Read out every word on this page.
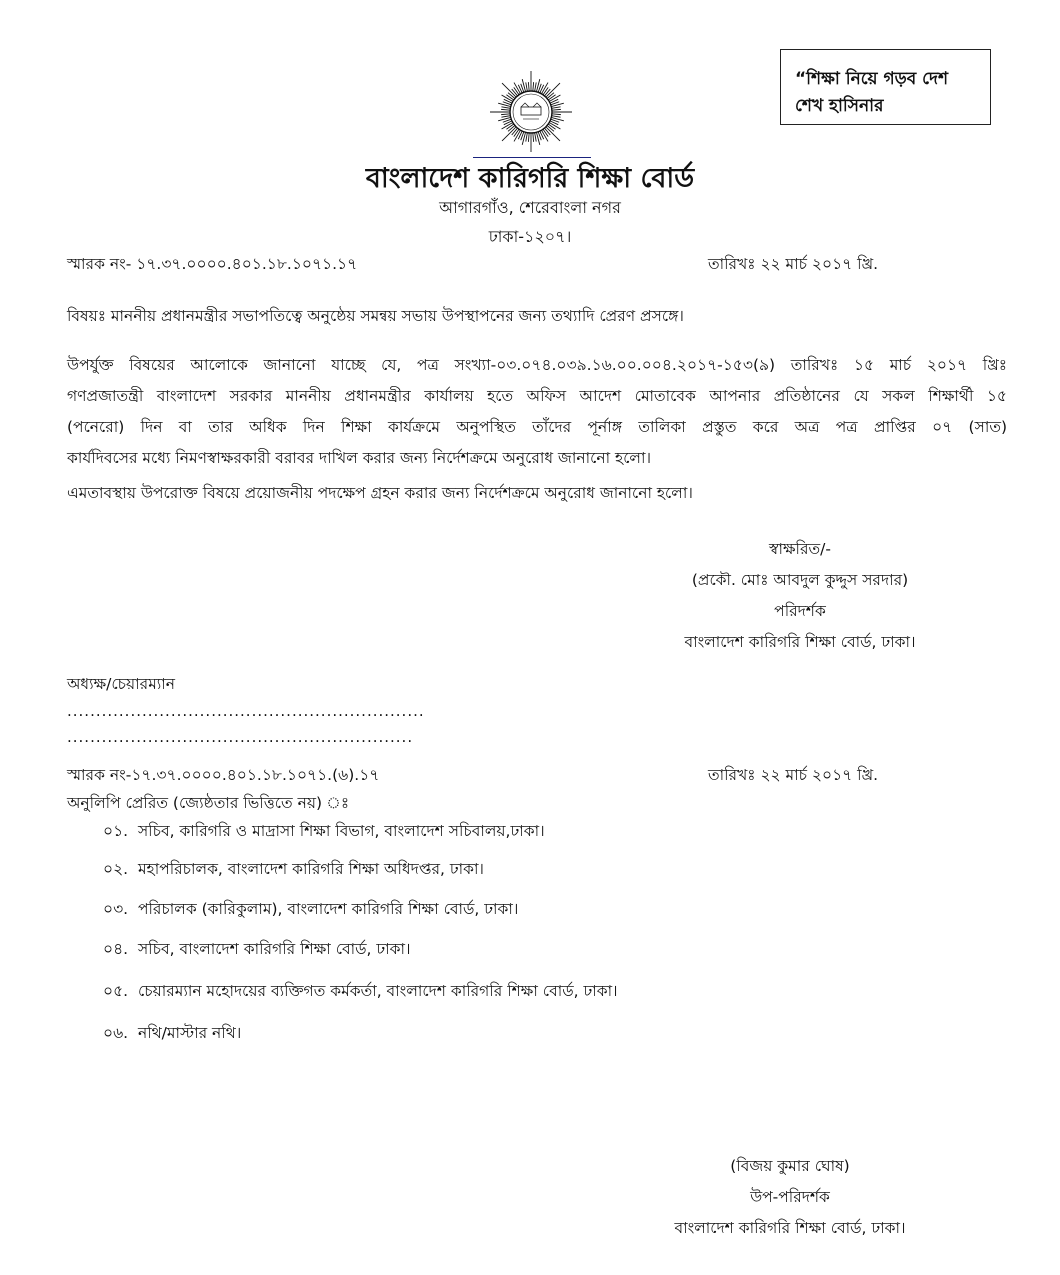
“শিক্ষা নিয়ে গড়ব দেশ
শেখ হাসিনার
বাংলাদেশ কারিগরি শিক্ষা বোর্ড
আগারগাঁও, শেরেবাংলা নগর
ঢাকা-১২০৭।
স্মারক নং- ১৭.৩৭.০০০০.৪০১.১৮.১০৭১.১৭	তারিখঃ ২২ মার্চ ২০১৭ খ্রি.
বিষয়ঃ মাননীয় প্রধানমন্ত্রীর সভাপতিত্বে অনুষ্ঠেয় সমন্বয় সভায় উপস্থাপনের জন্য তথ্যাদি প্রেরণ প্রসঙ্গে।
উপর্যুক্ত বিষয়ের আলোকে জানানো যাচ্ছে যে, পত্র সংখ্যা-০৩.০৭৪.০৩৯.১৬.০০.০০৪.২০১৭-১৫৩(৯) তারিখঃ ১৫ মার্চ ২০১৭ খ্রিঃ
গণপ্রজাতন্ত্রী বাংলাদেশ সরকার মাননীয় প্রধানমন্ত্রীর কার্যালয় হতে অফিস আদেশ মোতাবেক আপনার প্রতিষ্ঠানের যে সকল শিক্ষার্থী ১৫
(পনেরো) দিন বা তার অধিক দিন শিক্ষা কার্যক্রমে অনুপস্থিত তাঁদের পূর্নাঙ্গ তালিকা প্রস্তুত করে অত্র পত্র প্রাপ্তির ০৭ (সাত)
কার্যদিবসের মধ্যে নিমণস্বাক্ষরকারী বরাবর দাখিল করার জন্য নির্দেশক্রমে অনুরোধ জানানো হলো।
এমতাবস্থায় উপরোক্ত বিষয়ে প্রয়োজনীয় পদক্ষেপ গ্রহন করার জন্য নির্দেশক্রমে অনুরোধ জানানো হলো।
স্বাক্ষরিত/-
(প্রকৌ. মোঃ আবদুল কুদ্দুস সরদার)
পরিদর্শক
বাংলাদেশ কারিগরি শিক্ষা বোর্ড, ঢাকা।
অধ্যক্ষ/চেয়ারম্যান
..............................................................
............................................................
স্মারক নং-১৭.৩৭.০০০০.৪০১.১৮.১০৭১.(৬).১৭	তারিখঃ ২২ মার্চ ২০১৭ খ্রি.
অনুলিপি প্রেরিত (জ্যেষ্ঠতার ভিত্তিতে নয়) ঃ
০১. সচিব, কারিগরি ও মাদ্রাসা শিক্ষা বিভাগ, বাংলাদেশ সচিবালয়,ঢাকা।
০২. মহাপরিচালক, বাংলাদেশ কারিগরি শিক্ষা অধিদপ্তর, ঢাকা।
০৩. পরিচালক (কারিকুলাম), বাংলাদেশ কারিগরি শিক্ষা বোর্ড, ঢাকা।
০৪. সচিব, বাংলাদেশ কারিগরি শিক্ষা বোর্ড, ঢাকা।
০৫. চেয়ারম্যান মহোদয়ের ব্যক্তিগত কর্মকর্তা, বাংলাদেশ কারিগরি শিক্ষা বোর্ড, ঢাকা।
০৬. নথি/মাস্টার নথি।
(বিজয় কুমার ঘোষ)
উপ-পরিদর্শক
বাংলাদেশ কারিগরি শিক্ষা বোর্ড, ঢাকা।
